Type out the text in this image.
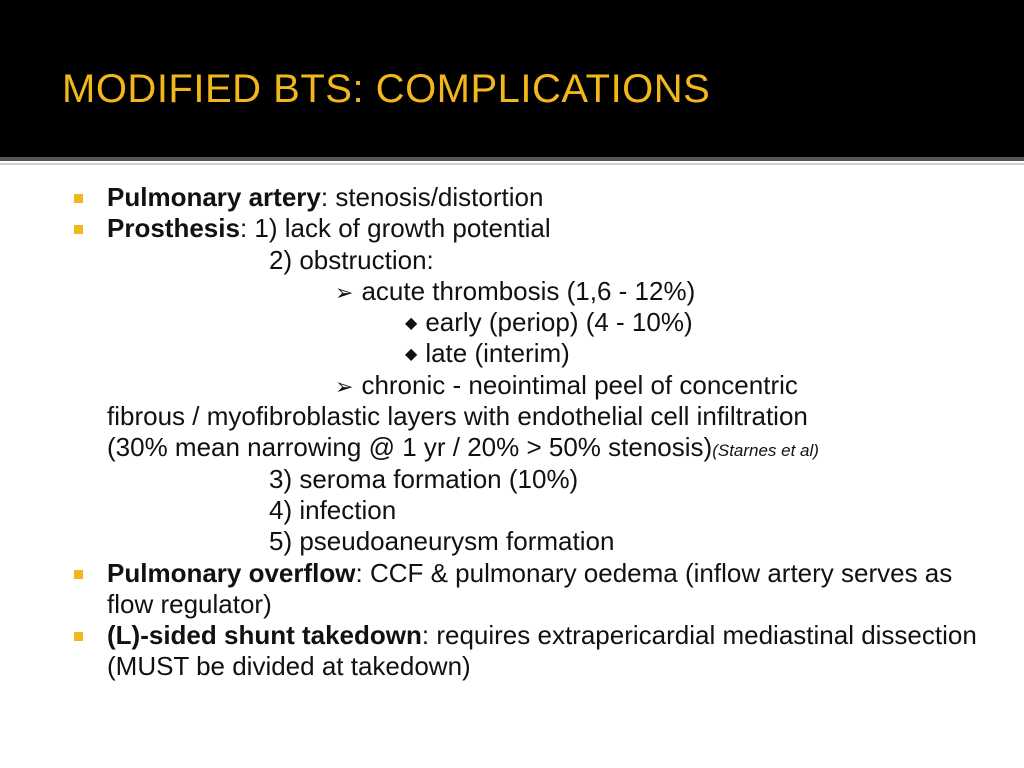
MODIFIED BTS: COMPLICATIONS
Pulmonary artery: stenosis/distortion
Prosthesis: 1) lack of growth potential
2) obstruction:
➢ acute thrombosis (1,6 - 12%)
◆ early (periop) (4 - 10%)
◆ late (interim)
➢ chronic - neointimal peel of concentric
fibrous / myofibroblastic layers with endothelial cell infiltration
(30% mean narrowing @ 1 yr / 20% > 50% stenosis)(Starnes et al)
3) seroma formation (10%)
4) infection
5) pseudoaneurysm formation
Pulmonary overflow: CCF & pulmonary oedema (inflow artery serves as flow regulator)
(L)-sided shunt takedown: requires extrapericardial mediastinal dissection (MUST be divided at takedown)
